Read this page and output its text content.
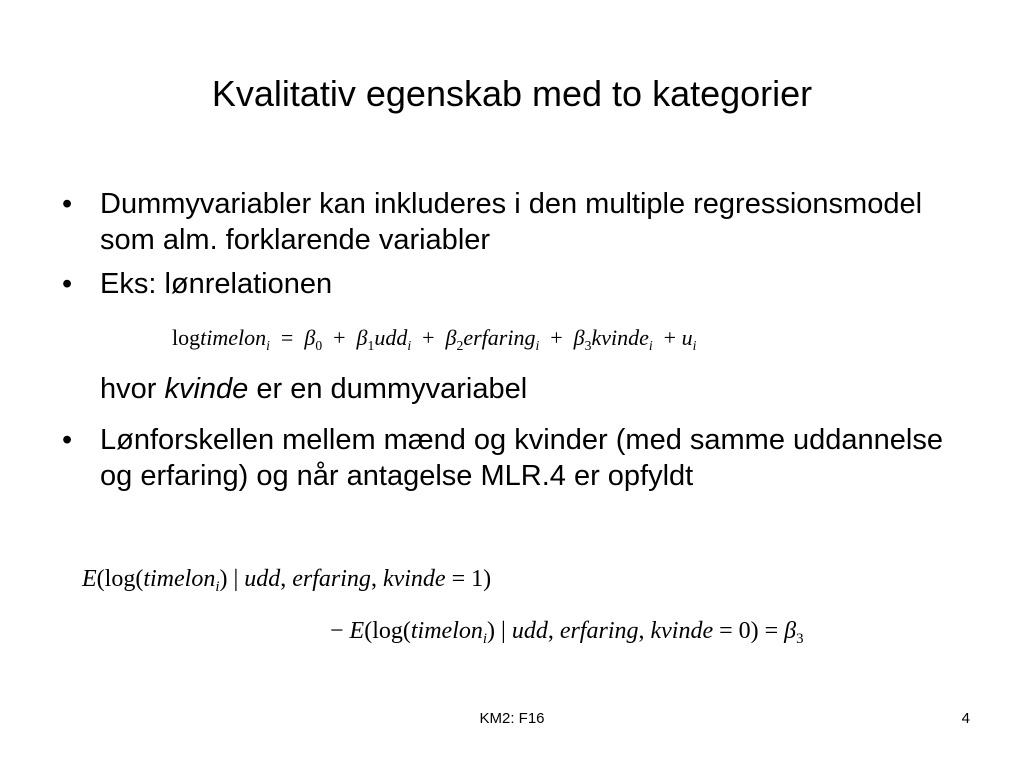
Kvalitativ egenskab med to kategorier
• Dummyvariabler kan inkluderes i den multiple regressionsmodel som alm. forklarende variabler
• Eks: lønrelationen
logtimelon$_i$  =  $\beta_0 + \beta_1udd_i$  +  $\beta_2erfaring_i$  +  $\beta_3kvinde_i + u_i$
hvor kvinde er en dummyvariabel
• Lønforskellen mellem mænd og kvinder (med samme uddannelse og erfaring) og når antagelse MLR.4 er opfyldt
E(log(timelon$_i$) | udd, erfaring, kvinde = 1)
− E(log(timelon$_i$) | udd, erfaring, kvinde = $0) = \beta_3$
KM2: F16	4
